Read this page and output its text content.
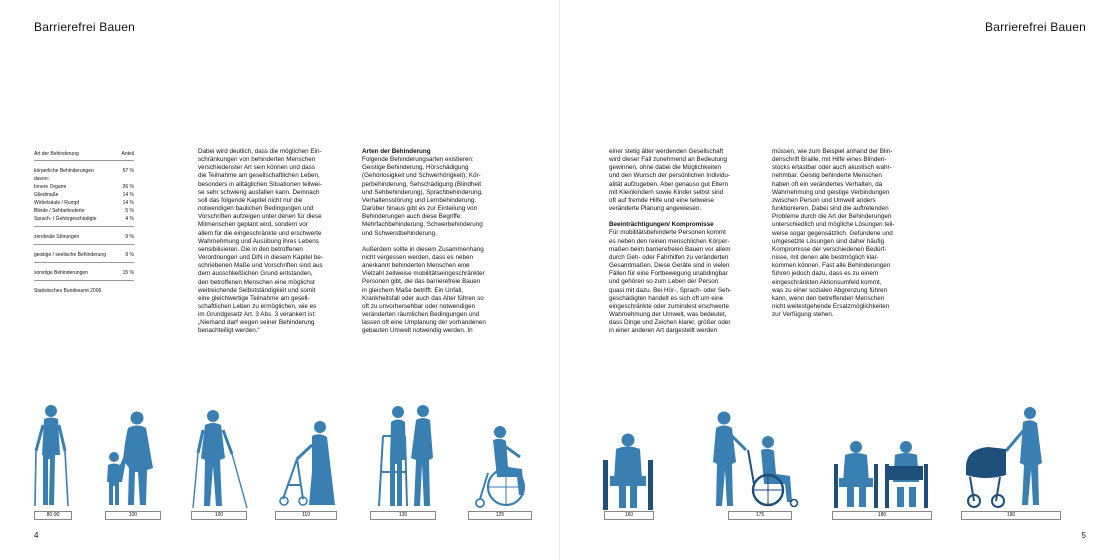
Barrierefrei Bauen
Art der Behinderung	Anteil
körperliche Behinderungen	67 %
davon:
Innere Organe	26 %
Gliedmaße	14 %
Wirbelsäule / Rumpf	14 %
Blinde / Sehbehinderte	5 %
Sprach- / Gehörgeschädigte	4 %
zerebrale Störungen	9 %
geistige / seelische Behinderung	9 %
sonstige Behinderungen	15 %
Statistisches Bundesamt 2006

Dabei wird deutlich, dass die möglichen Ein-

schränkungen von behinderten Menschen

verschiedenster Art sein können und dass

die Teilnahme am gesellschaftlichen Leben,

besonders in alltäglichen Situationen teilwei-

se sehr schwierig ausfallen kann. Demnach

soll das folgende Kapitel nicht nur die

notwendigen baulichen Bedingungen und

Vorschriften aufzeigen unter denen für diese

Mitmenschen geplant wird, sondern vor

allem für die eingeschränkte und erschwerte

Wahrnehmung und Ausübung ihres Lebens

sensibilisieren. Die in den betroffenen

Verordnungen und DIN in diesem Kapitel be-

schriebenen Maße und Vorschriften sind aus

dem ausschließlichen Grund entstanden,

den betroffenen Menschen eine möglichst

weitreichende Selbstständigkeit und somit

eine gleichwertige Teilnahme am gesell-

schaftlichen Leben zu ermöglichen, wie es

im Grundgesetz Art. 3 Abs. 3 verankert ist:

„Niemand darf wegen seiner Behinderung

benachteiligt werden.“

Arten der Behinderung

Folgende Behinderungsarten existieren:

Geistige Behinderung, Hörschädigung

(Gehörlosigkeit und Schwerhörigkeit), Kör-

perbehinderung, Sehschädigung (Blindheit

und Sehbehinderung), Sprachbehinderung,

Verhaltensstörung und Lernbehinderung.

Darüber hinaus gibt es zur Einteilung von

Behinderungen auch diese Begriffe:

Mehrfachbehinderung, Schwerbehinderung

und Schwerstbehinderung.

Außerdem sollte in diesem Zusammenhang

nicht vergessen werden, dass es neben

anerkannt behinderten Menschen eine

Vielzahl zeitweise mobilitätseingeschränkter

Personen gibt, die das barrierefreie Bauen

in gleichem Maße betrifft. Ein Unfall,

Krankheitsfall oder auch das Alter führen so

oft zu unvorhersehbar oder notwendigen

veränderten räumlichen Bedingungen und

lassen oft eine Umplanung der vorhandenen

gebauten Umwelt notwendig werden. In

80-90	100	100	110	130	125
4
Barrierefrei Bauen

einer stetig älter werdenden Gesellschaft

wird dieser Fall zunehmend an Bedeutung

gewinnen, ohne dabei die Möglichkeiten

und den Wunsch der persönlichen Individu-

alität aufzugeben. Aber genauso gut Eltern

mit Kleinkindern sowie Kinder selbst sind

oft auf fremde Hilfe und eine teilweise

veränderte Planung angewiesen.

Beeinträchtigungen/ Kompromisse

Für mobilitätsbehinderte Personen kommt

es neben den reinen menschlichen Körper-

maßen beim barrierefreien Bauen vor allem

durch Geh- oder Fahrhilfen zu veränderten

Gesamtmaßen. Diese Geräte sind in vielen

Fällen für eine Fortbewegung unabdingbar

und gehören so zum Leben der Person

quasi mit dazu. Bei Hör-, Sprach- oder Seh-

geschädigten handelt es sich oft um eine

eingeschränkte oder zumindest erschwerte

Wahrnehmung der Umwelt, was bedeutet,

dass Dinge und Zeichen klarer, größer oder

in einer anderen Art dargestellt werden

müssen, wie zum Beispiel anhand der Blin-

denschrift Braille, mit Hilfe eines Blinden-

stocks ertastbar oder auch akustisch wahr-

nehmbar. Geistig behinderte Menschen

haben oft ein verändertes Verhalten, da

Wahrnehmung und geistige Verbindungen

zwischen Person und Umwelt anders

funktionieren. Dabei sind die auftretenden

Probleme durch die Art der Behinderungen

unterschiedlich und mögliche Lösungen teil-

weise sogar gegensätzlich. Gefundene und

umgesetzte Lösungen sind daher häufig

Kompromisse der verschiedenen Bedürf-

nisse, mit denen alle bestmöglich klar-

kommen können. Fast alle Behinderungen

führen jedoch dazu, dass es zu einem

eingeschränkten Aktionsumfeld kommt,

was zu einer sozialen Abgrenzung führen

kann, wenn den betreffenden Menschen

nicht weitestgehende Ersatzmöglichkeiten

zur Verfügung stehen.

160	175	180	190
5
